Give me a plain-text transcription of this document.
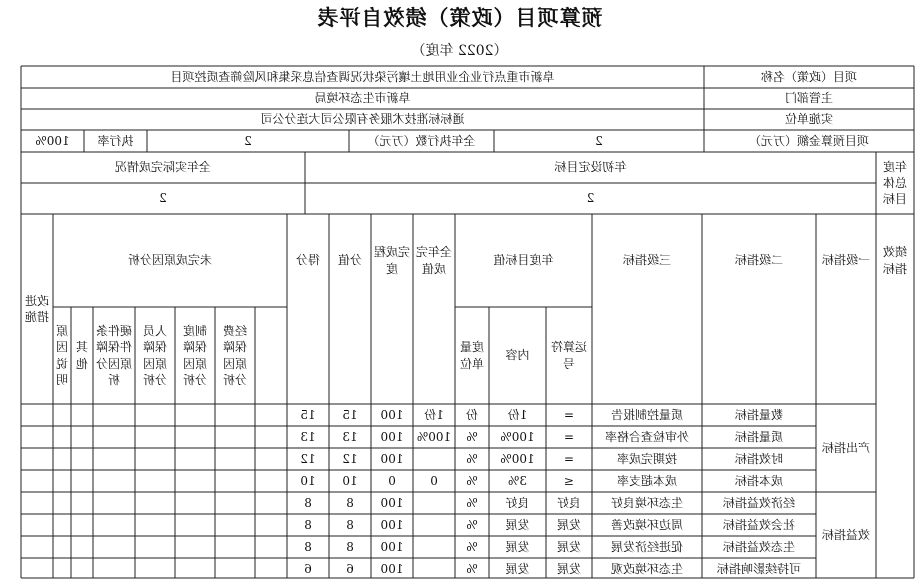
预算项目（政策）绩效自评表
（2022 年度）
项目（政策）名称
阜新市重点行业企业用地土壤污染状况调查信息采集和风险筛查质控项目
主管部门
阜新市生态环境局
实施单位
通标标准技术服务有限公司大连分公司
项目预算金额（万元）
2
全年执行数（万元）
2
执行率
100%
年度总体目标
年初设定目标
2
全年实际完成情况
2
绩效指标
一级指标
二级指标
三级指标
年度目标值
全年完成值
完成程度
分值
得分
未完成原因分析
改进措施
运算符号
内容
度量单位
经费保障原因分析
制度保障原因分析
人员保障原因分析
硬件条件保障原因分析
其他
原因说明
产出指标
效益指标
数量指标
质量控制报告
=
1份
份
1份
100
15
15
质量指标
外审检查合格率
=
100%
%
100%
100
13
13
时效指标
按期完成率
=
100%
%
100
12
12
成本指标
成本超支率
≤
3%
%
0
0
10
10
经济效益指标
生态环境良好
良好
良好
%
100
8
8
社会效益指标
周边环境改善
发展
发展
%
100
8
8
生态效益指标
促进经济发展
发展
发展
%
100
8
8
可持续影响指标
生态环境改观
发展
发展
%
100
6
6
